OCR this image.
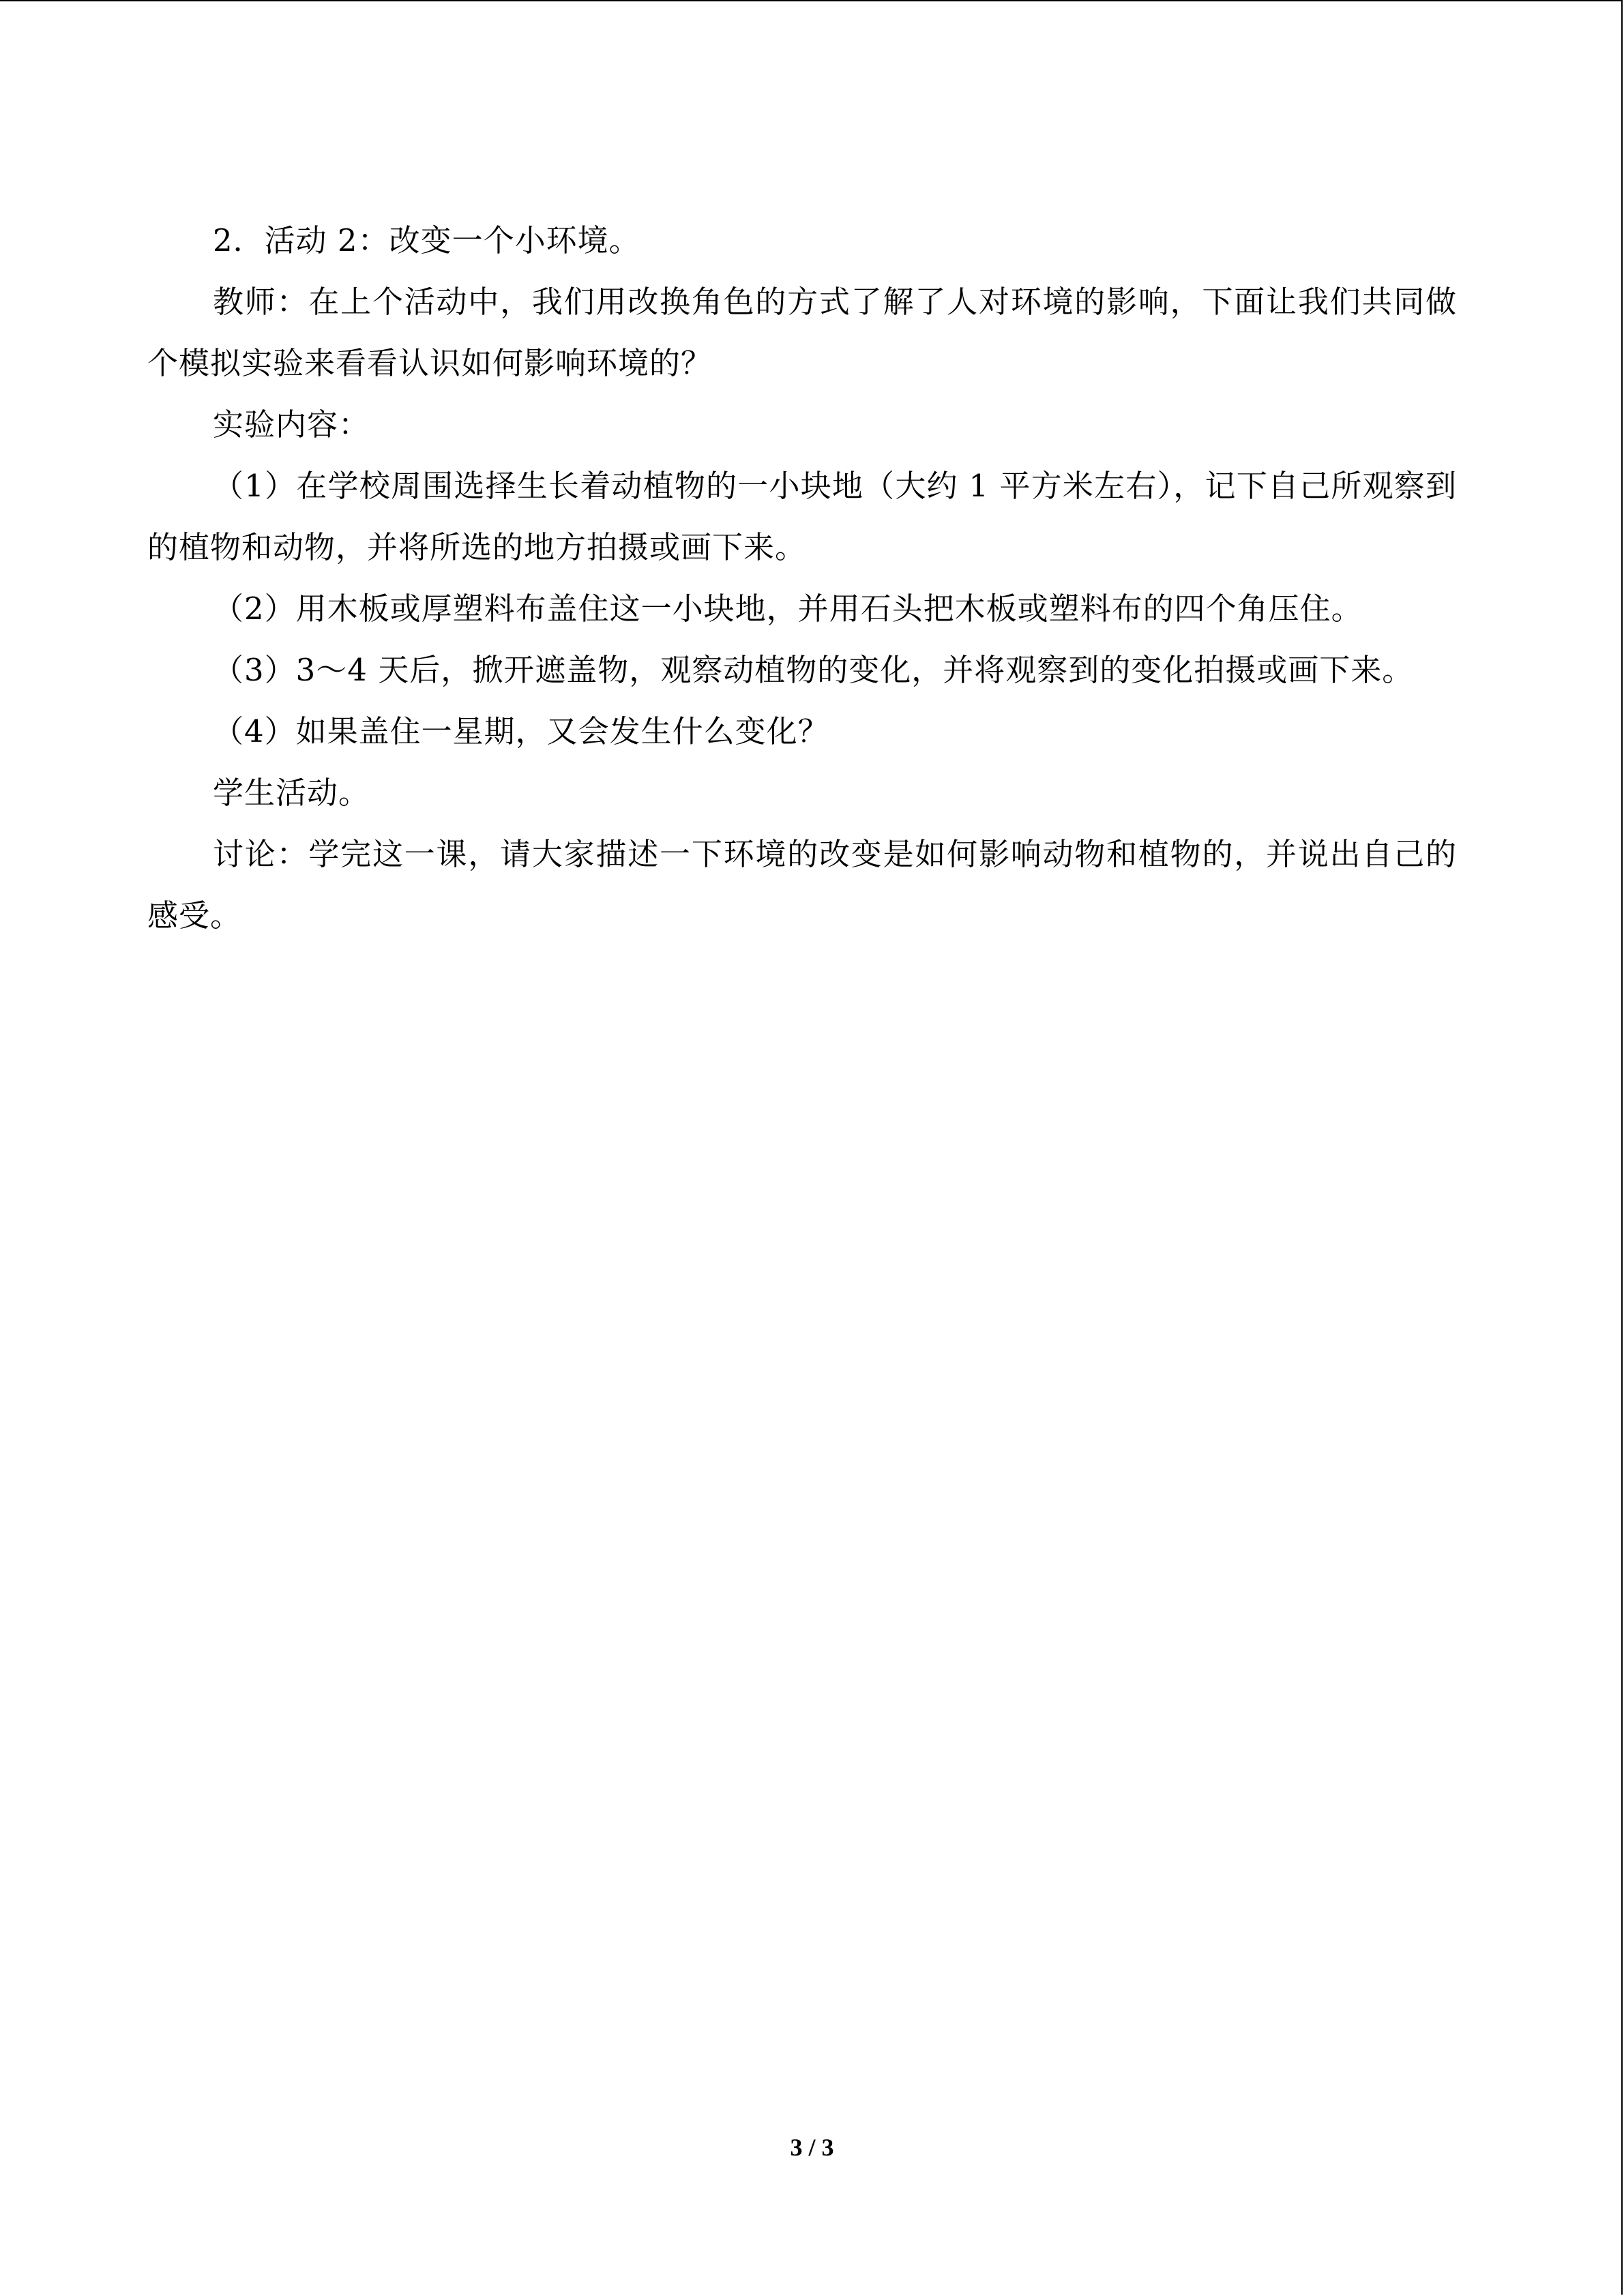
2．活动 2：改变一个小环境。

教师：在上个活动中，我们用改换角色的方式了解了人对环境的影响，下面让我们共同做个模拟实验来看看认识如何影响环境的？

实验内容：

（1）在学校周围选择生长着动植物的一小块地（大约 1 平方米左右），记下自己所观察到的植物和动物，并将所选的地方拍摄或画下来。

（2）用木板或厚塑料布盖住这一小块地，并用石头把木板或塑料布的四个角压住。

（3）3～4 天后，掀开遮盖物，观察动植物的变化，并将观察到的变化拍摄或画下来。

（4）如果盖住一星期，又会发生什么变化？

学生活动。

讨论：学完这一课，请大家描述一下环境的改变是如何影响动物和植物的，并说出自己的感受。

3 / 3
